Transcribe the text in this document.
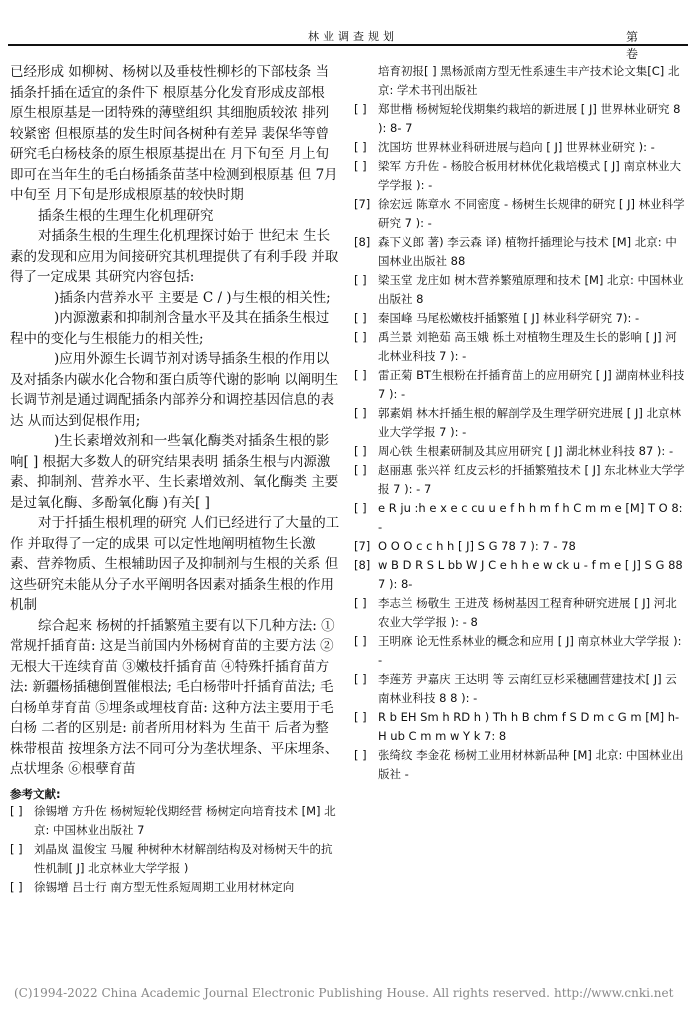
林业调查规划	第 卷

已经形成 如柳树、杨树以及垂枝性柳杉的下部枝条 当插条扦插在适宜的条件下 根原基分化发育形成皮部根 原生根原基是一团特殊的薄壁组织 其细胞质较浓 排列较紧密 但根原基的发生时间各树种有差异 裴保华等曾研究毛白杨枝条的原生根原基提出在 月下旬至 月上旬即可在当年生的毛白杨插条苗茎中检测到根原基 但 7月中旬至 月下旬是形成根原基的较快时期

插条生根的生理生化机理研究

对插条生根的生理生化机理探讨始于 世纪末 生长素的发现和应用为间接研究其机理提供了有利手段 并取得了一定成果 其研究内容包括:

)插条内营养水平 主要是 C / )与生根的相关性;

)内源激素和抑制剂含量水平及其在插条生根过程中的变化与生根能力的相关性;

)应用外源生长调节剂对诱导插条生根的作用以及对插条内碳水化合物和蛋白质等代谢的影响 以阐明生长调节剂是通过调配插条内部养分和调控基因信息的表达 从而达到促根作用;

)生长素增效剂和一些氧化酶类对插条生根的影响[ ] 根据大多数人的研究结果表明 插条生根与内源激素、抑制剂、营养水平、生长素增效剂、氧化酶类 主要是过氧化酶、多酚氧化酶 )有关[ ]

对于扦插生根机理的研究 人们已经进行了大量的工作 并取得了一定的成果 可以定性地阐明植物生长激素、营养物质、生根辅助因子及抑制剂与生根的关系 但这些研究未能从分子水平阐明各因素对插条生根的作用机制

综合起来 杨树的扦插繁殖主要有以下几种方法: ①常规扦插育苗: 这是当前国内外杨树育苗的主要方法 ②无根大干连续育苗 ③嫩枝扦插育苗 ④特殊扦插育苗方法: 新疆杨插穗倒置催根法; 毛白杨带叶扦插育苗法; 毛白杨单芽育苗 ⑤埋条或埋枝育苗: 这种方法主要用于毛白杨 二者的区别是: 前者所用材料为 生苗干 后者为整株带根苗 按埋条方法不同可分为垄状埋条、平床埋条、点状埋条 ⑥根孽育苗

参考文献:
[ ] 徐锡增 方升佐 杨树短轮伐期经营 杨树定向培育技术 [M] 北京: 中国林业出版社 7
[ ] 刘晶岚 温俊宝 马履 种树种木材解剖结构及对杨树天牛的抗性机制[ J] 北京林业大学学报 )
[ ] 徐锡增 吕士行 南方型无性系短周期工业用材林定向
培育初报[ ] 黑杨派南方型无性系速生丰产技术论文集[C] 北京: 学术书刊出版社
[ ] 郑世楷 杨树短轮伐期集约栽培的新进展 [ J] 世界林业研究 8 ): 8- 7
[ ] 沈国坊 世界林业科研进展与趋向 [ J] 世界林业研究 ): -
[ ] 梁军 方升佐 - 杨胶合板用材林优化栽培模式 [ J] 南京林业大学学报 ): -
[7] 徐宏远 陈章水 不同密度 - 杨树生长规律的研究 [ J] 林业科学研究 7 ): -
[8] 森下义郎 著) 李云森 译) 植物扦插理论与技术 [M] 北京: 中国林业出版社 88
[ ] 梁玉堂 龙庄如 树木营养繁殖原理和技术 [M] 北京: 中国林业出版社 8
[ ] 秦国峰 马尾松嫩枝扦插繁殖 [ J] 林业科学研究 7): -
[ ] 禹兰景 刘艳茹 高玉娥 栎土对植物生理及生长的影响 [ J] 河北林业科技 7 ): -
[ ] 雷正菊 BT生根粉在扦插育苗上的应用研究 [ J] 湖南林业科技 7 ): -
[ ] 郭素娟 林木扦插生根的解剖学及生理学研究进展 [ J] 北京林业大学学报 7 ): -
[ ] 周心铁 生根素研制及其应用研究 [ J] 湖北林业科技 87 ): -
[ ] 赵丽惠 张兴祥 红皮云杉的扦插繁殖技术 [ J] 东北林业大学学报 7 ): - 7
[ ] e R ju :h e x e c cu u e f h h m f h C m m e [M] T O 8: -
[7] O O O c c h h [ J] S G 78 7 ): 7 - 78
[8] w B D R S L bb W J C e h h e w ck u - f m e [ J] S G 88 7 ): 8-
[ ] 李志兰 杨敬生 王进茂 杨树基因工程育种研究进展 [ J] 河北农业大学学报 ): - 8
[ ] 王明庥 论无性系林业的概念和应用 [ J] 南京林业大学学报 ): -
[ ] 李莲芳 尹嘉庆 王达明 等 云南红豆杉采穗圃营建技术[ J] 云南林业科技 8 8 ): -
[ ] R b EH Sm h RD h ) Th h B chm f S D m c G m [M] h-H ub C m m w Y k 7: 8
[ ] 张绮纹 李金花 杨树工业用材林新品种 [M] 北京: 中国林业出版社 -
(C)1994-2022 China Academic Journal Electronic Publishing House. All rights reserved. http://www.cnki.net
